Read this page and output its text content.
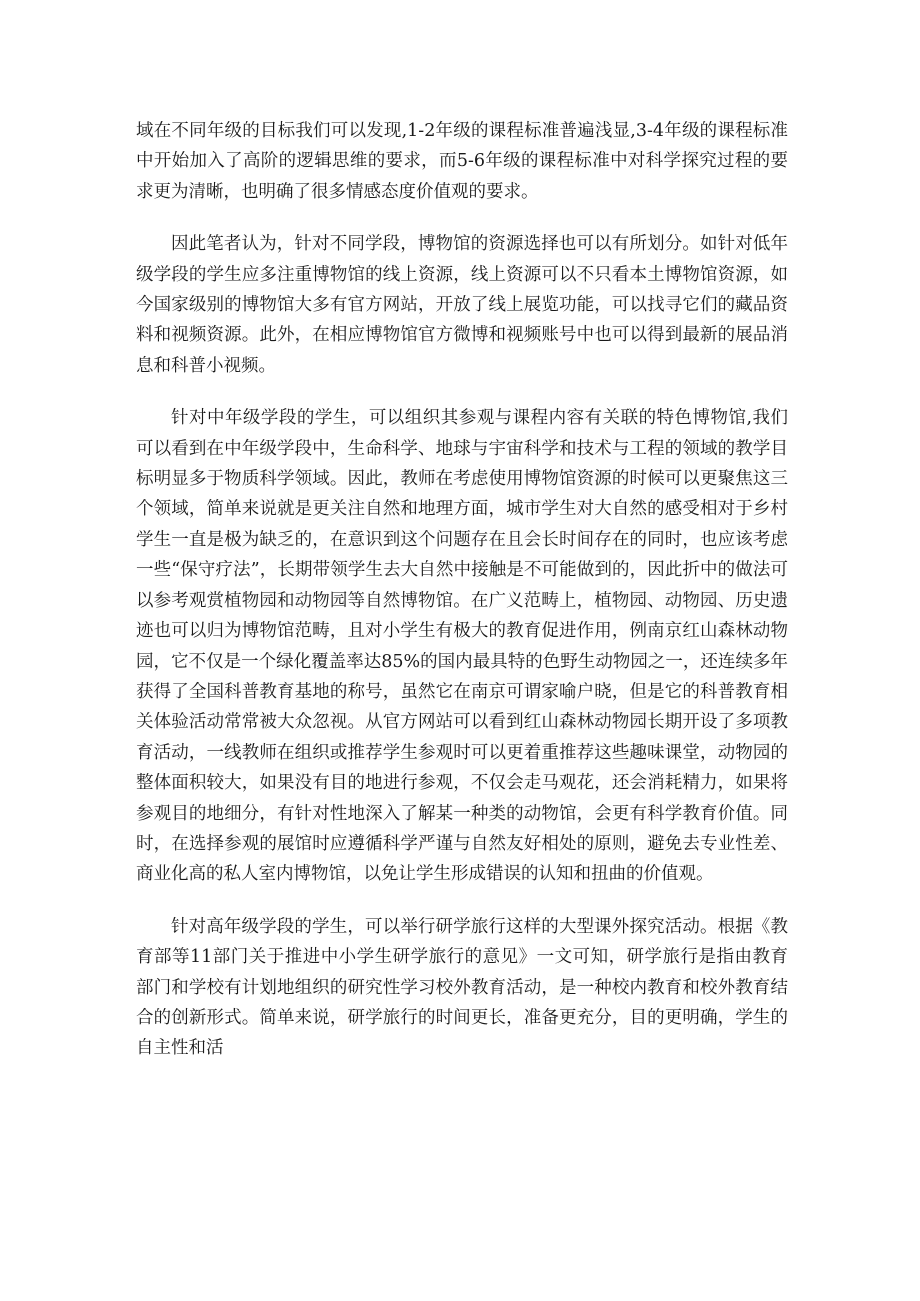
域在不同年级的目标我们可以发现,1-2年级的课程标准普遍浅显,3-4年级的课程标准中开始加入了高阶的逻辑思维的要求，而5-6年级的课程标准中对科学探究过程的要求更为清晰，也明确了很多情感态度价值观的要求。

因此笔者认为，针对不同学段，博物馆的资源选择也可以有所划分。如针对低年级学段的学生应多注重博物馆的线上资源，线上资源可以不只看本土博物馆资源，如今国家级别的博物馆大多有官方网站，开放了线上展览功能，可以找寻它们的藏品资料和视频资源。此外，在相应博物馆官方微博和视频账号中也可以得到最新的展品消息和科普小视频。

针对中年级学段的学生，可以组织其参观与课程内容有关联的特色博物馆,我们可以看到在中年级学段中，生命科学、地球与宇宙科学和技术与工程的领域的教学目标明显多于物质科学领域。因此，教师在考虑使用博物馆资源的时候可以更聚焦这三个领域，简单来说就是更关注自然和地理方面，城市学生对大自然的感受相对于乡村学生一直是极为缺乏的，在意识到这个问题存在且会长时间存在的同时，也应该考虑一些“保守疗法”，长期带领学生去大自然中接触是不可能做到的，因此折中的做法可以参考观赏植物园和动物园等自然博物馆。在广义范畴上，植物园、动物园、历史遗迹也可以归为博物馆范畴，且对小学生有极大的教育促进作用，例南京红山森林动物园，它不仅是一个绿化覆盖率达85%的国内最具特的色野生动物园之一，还连续多年获得了全国科普教育基地的称号，虽然它在南京可谓家喻户晓，但是它的科普教育相关体验活动常常被大众忽视。从官方网站可以看到红山森林动物园长期开设了多项教育活动，一线教师在组织或推荐学生参观时可以更着重推荐这些趣味课堂，动物园的整体面积较大，如果没有目的地进行参观，不仅会走马观花，还会消耗精力，如果将参观目的地细分，有针对性地深入了解某一种类的动物馆，会更有科学教育价值。同时，在选择参观的展馆时应遵循科学严谨与自然友好相处的原则，避免去专业性差、商业化高的私人室内博物馆，以免让学生形成错误的认知和扭曲的价值观。

针对高年级学段的学生，可以举行研学旅行这样的大型课外探究活动。根据《教育部等11部门关于推进中小学生研学旅行的意见》一文可知，研学旅行是指由教育部门和学校有计划地组织的研究性学习校外教育活动，是一种校内教育和校外教育结合的创新形式。简单来说，研学旅行的时间更长，准备更充分，目的更明确，学生的自主性和活
